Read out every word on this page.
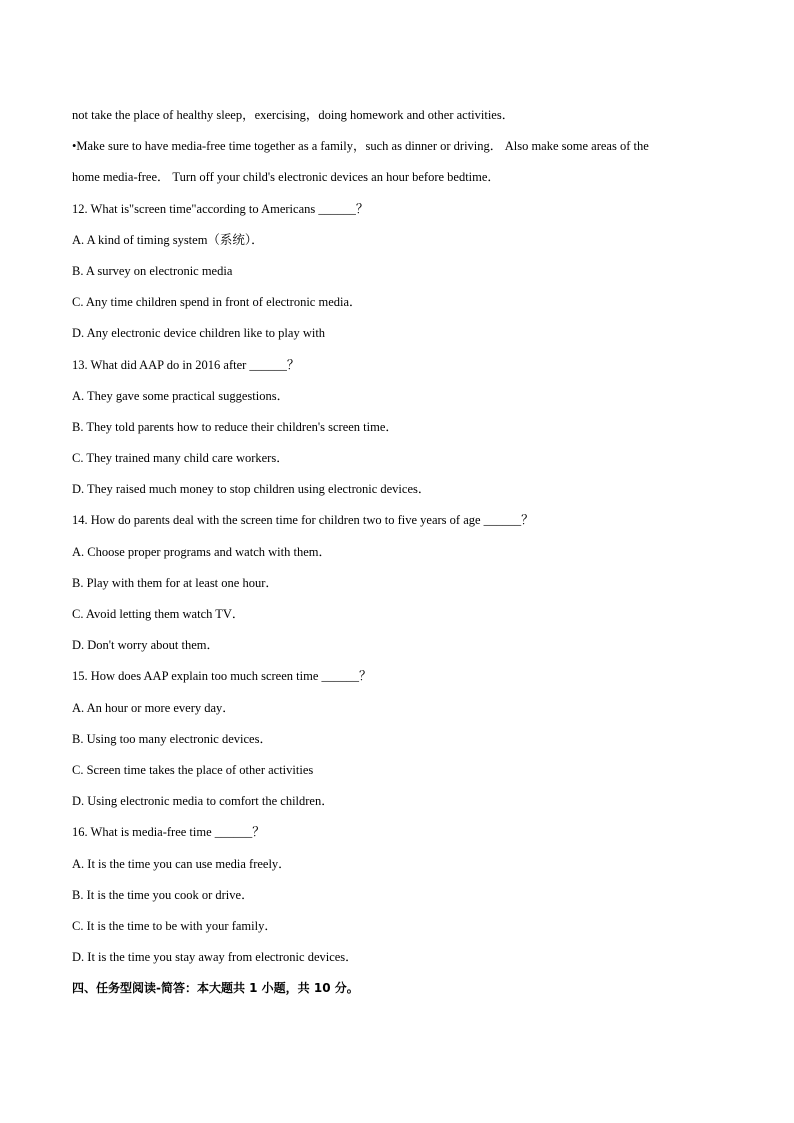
not take the place of healthy sleep，exercising，doing homework and other activities．
•Make sure to have media-free time together as a family，such as dinner or driving． Also make some areas of the
home media-free． Turn off your child's electronic devices an hour before bedtime．
12. What is"screen time"according to Americans ______？
A. A kind of timing system（系统）．
B. A survey on electronic media
C. Any time children spend in front of electronic media．
D. Any electronic device children like to play with
13. What did AAP do in 2016 after ______？
A. They gave some practical suggestions．
B. They told parents how to reduce their children's screen time．
C. They trained many child care workers．
D. They raised much money to stop children using electronic devices．
14. How do parents deal with the screen time for children two to five years of age ______？
A. Choose proper programs and watch with them．
B. Play with them for at least one hour．
C. Avoid letting them watch TV．
D. Don't worry about them．
15. How does AAP explain too much screen time ______？
A. An hour or more every day．
B. Using too many electronic devices．
C. Screen time takes the place of other activities
D. Using electronic media to comfort the children．
16. What is media-free time ______？
A. It is the time you can use media freely．
B. It is the time you cook or drive．
C. It is the time to be with your family．
D. It is the time you stay away from electronic devices．
四、任务型阅读-简答：本大题共 1 小题，共 10 分。
